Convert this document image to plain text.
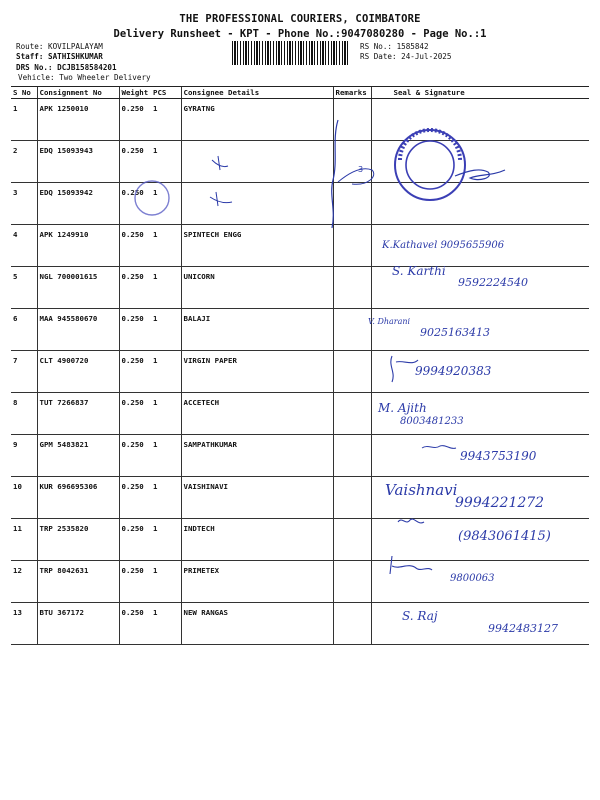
THE PROFESSIONAL COURIERS, COIMBATORE
Delivery Runsheet - KPT - Phone No.:9047080280 - Page No.:1
Route: KOVILPALAYAM
Staff: SATHISHKUMAR
DRS No.: DCJB158584201
Vehicle: Two Wheeler Delivery
RS No.: 1585842
RS Date: 24-Jul-2025
S No	Consignment No	Weight	PCS	Consignee Details	Remarks	Seal & Signature
1	APK 1250010	0.250	1	GYRATNG		
2	EDQ 15093943	0.250	1			
3	EDQ 15093942	0.250	1			
4	APK 1249910	0.250	1	SPINTECH ENGG		
5	NGL 700001615	0.250	1	UNICORN		
6	MAA 945580670	0.250	1	BALAJI		
7	CLT 4900720	0.250	1	VIRGIN PAPER		
8	TUT 7266837	0.250	1	ACCETECH		
9	GPM 5483821	0.250	1	SAMPATHKUMAR		
10	KUR 696695306	0.250	1	VAISHINAVI		
11	TRP 2535820	0.250	1	INDTECH		
12	TRP 8042631	0.250	1	PRIMETEX		
13	BTU 367172	0.250	1	NEW RANGAS		
3
K.Kathavel 9095655906
S. Karthi
9592224540
V. Dharani
9025163413
9994920383
M. Ajith
8003481233
9943753190
Vaishnavi
9994221272
(9843061415)
9800063
S. Raj
9942483127
